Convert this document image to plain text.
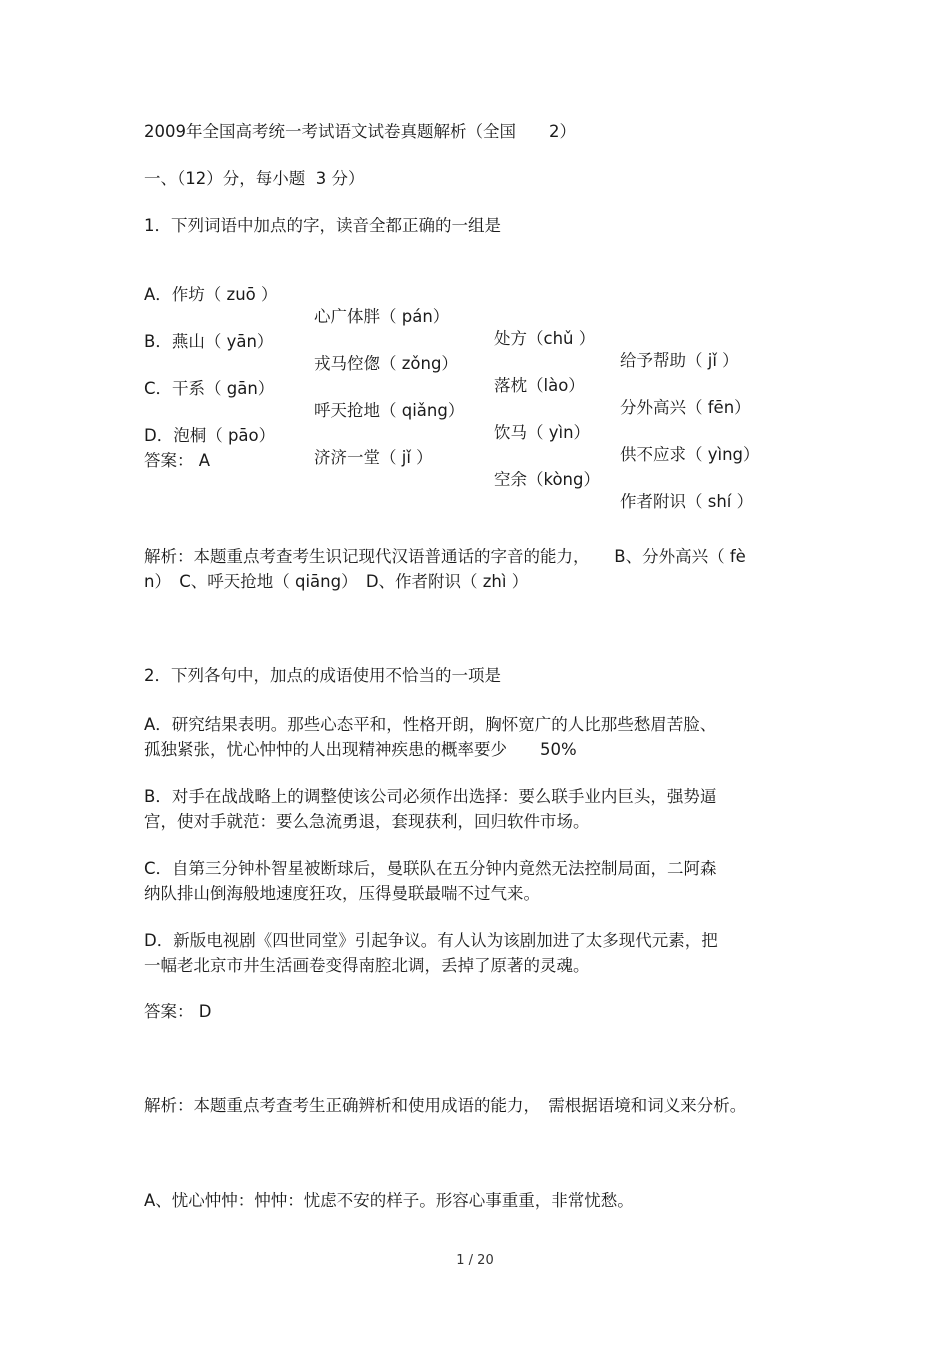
2009年全国高考统一考试语文试卷真题解析（全国　　2）
一、（12）分，每小题  3 分）
1．下列词语中加点的字，读音全都正确的一组是

A．作坊（ zuō ）

心广体胖（ pán）

处方（chǔ ）

给予帮助（ jǐ ）

B．燕山（ yān）

戎马倥偬（ zǒng）

落枕（lào）

分外高兴（ fēn）

C．干系（ gān）

呼天抢地（ qiǎng）

饮马（ yìn）

供不应求（ yìng）

D．泡桐（ pāo）

济济一堂（ jǐ ）

空余（kòng）

作者附识（ shí ）

答案： A
解析：本题重点考查考生识记现代汉语普通话的字音的能力，　　B、分外高兴（ fè
n）　C、呼天抢地（ qiāng）　D、作者附识（ zhì ）
2．下列各句中，加点的成语使用不恰当的一项是
A．研究结果表明。那些心态平和，性格开朗，胸怀宽广的人比那些愁眉苦脸、
孤独紧张，忧心忡忡的人出现精神疾患的概率要少　　50%
B．对手在战战略上的调整使该公司必须作出选择：要么联手业内巨头，强势逼
宫，使对手就范：要么急流勇退，套现获利，回归软件市场。
C．自第三分钟朴智星被断球后，曼联队在五分钟内竟然无法控制局面，二阿森
纳队排山倒海般地速度狂攻，压得曼联最喘不过气来。
D．新版电视剧《四世同堂》引起争议。有人认为该剧加进了太多现代元素，把
一幅老北京市井生活画卷变得南腔北调，丢掉了原著的灵魂。
答案： D
解析：本题重点考查考生正确辨析和使用成语的能力，　需根据语境和词义来分析。
A、忧心忡忡：忡忡：忧虑不安的样子。形容心事重重，非常忧愁。
1 / 20
